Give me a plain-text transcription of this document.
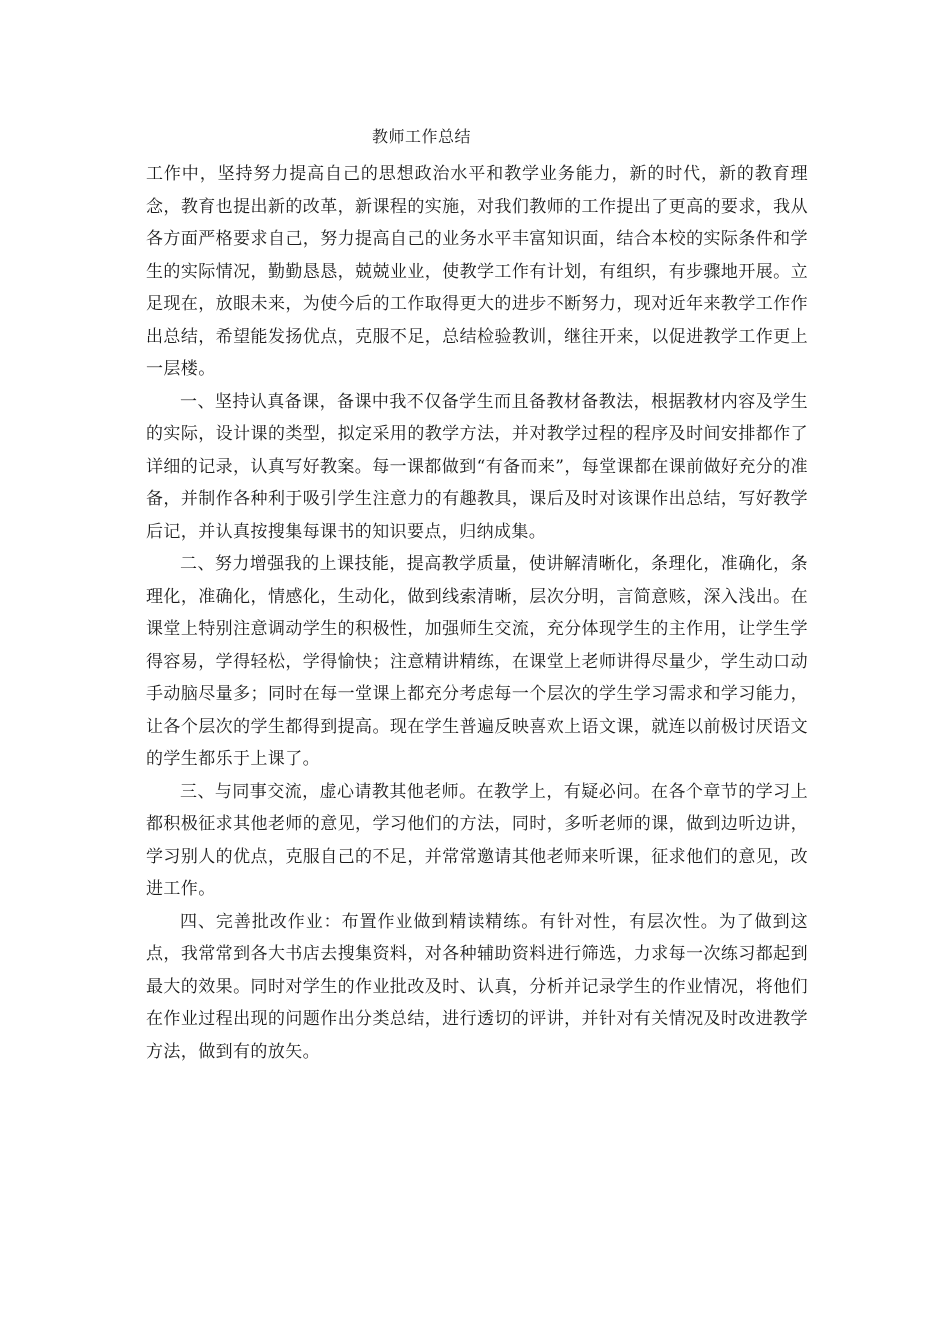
教师工作总结

工作中，坚持努力提高自己的思想政治水平和教学业务能力，新的时代，新的教育理念，教育也提出新的改革，新课程的实施，对我们教师的工作提出了更高的要求，我从各方面严格要求自己，努力提高自己的业务水平丰富知识面，结合本校的实际条件和学生的实际情况，勤勤恳恳，兢兢业业，使教学工作有计划，有组织，有步骤地开展。立足现在，放眼未来，为使今后的工作取得更大的进步不断努力，现对近年来教学工作作出总结，希望能发扬优点，克服不足，总结检验教训，继往开来，以促进教学工作更上一层楼。

一、坚持认真备课，备课中我不仅备学生而且备教材备教法，根据教材内容及学生的实际，设计课的类型，拟定采用的教学方法，并对教学过程的程序及时间安排都作了详细的记录，认真写好教案。每一课都做到“有备而来”，每堂课都在课前做好充分的准备，并制作各种利于吸引学生注意力的有趣教具，课后及时对该课作出总结，写好教学后记，并认真按搜集每课书的知识要点，归纳成集。

二、努力增强我的上课技能，提高教学质量，使讲解清晰化，条理化，准确化，条理化，准确化，情感化，生动化，做到线索清晰，层次分明，言简意赅，深入浅出。在课堂上特别注意调动学生的积极性，加强师生交流，充分体现学生的主作用，让学生学得容易，学得轻松，学得愉快；注意精讲精练，在课堂上老师讲得尽量少，学生动口动手动脑尽量多；同时在每一堂课上都充分考虑每一个层次的学生学习需求和学习能力，让各个层次的学生都得到提高。现在学生普遍反映喜欢上语文课，就连以前极讨厌语文的学生都乐于上课了。

三、与同事交流，虚心请教其他老师。在教学上，有疑必问。在各个章节的学习上都积极征求其他老师的意见，学习他们的方法，同时，多听老师的课，做到边听边讲，学习别人的优点，克服自己的不足，并常常邀请其他老师来听课，征求他们的意见，改进工作。

四、完善批改作业：布置作业做到精读精练。有针对性，有层次性。为了做到这点，我常常到各大书店去搜集资料，对各种辅助资料进行筛选，力求每一次练习都起到最大的效果。同时对学生的作业批改及时、认真，分析并记录学生的作业情况，将他们在作业过程出现的问题作出分类总结，进行透切的评讲，并针对有关情况及时改进教学方法，做到有的放矢。
